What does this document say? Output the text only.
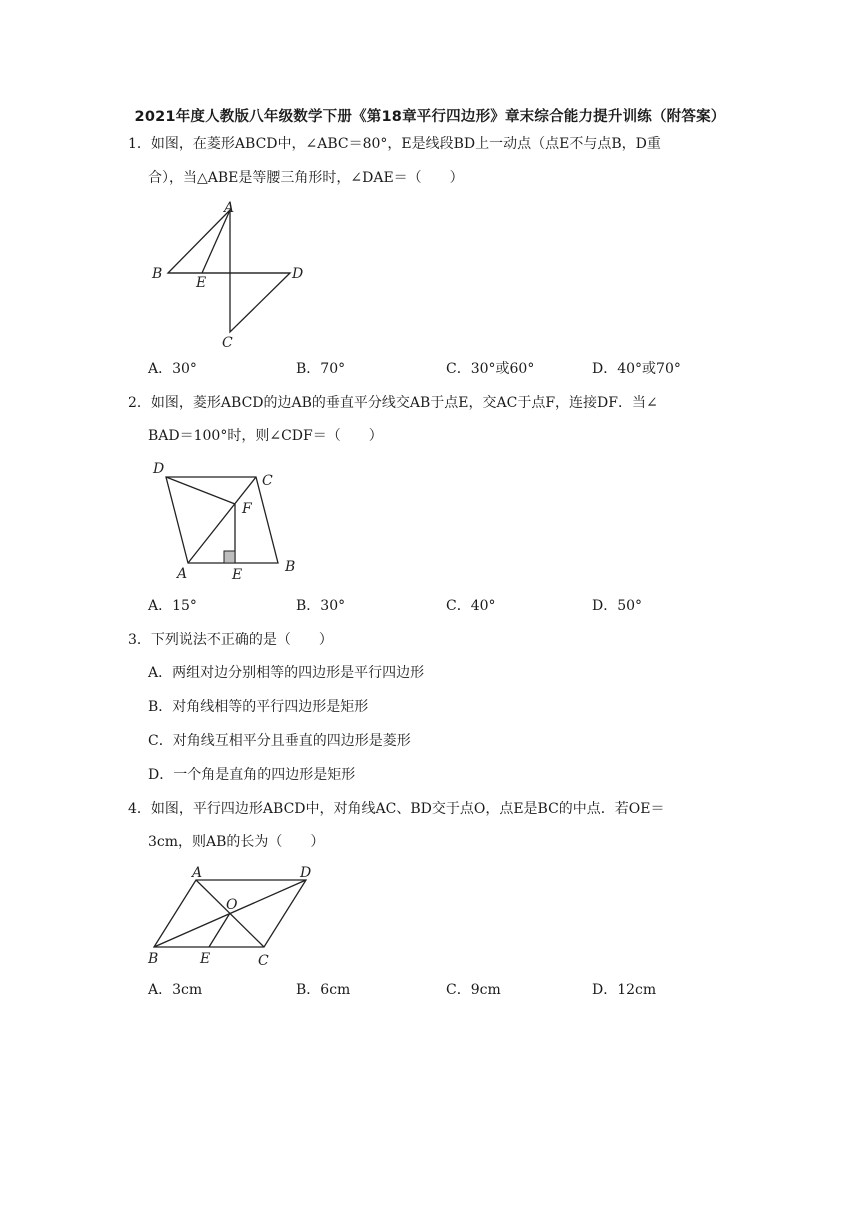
2021年度人教版八年级数学下册《第18章平行四边形》章末综合能力提升训练（附答案）
1．如图，在菱形ABCD中，∠ABC＝80°，E是线段BD上一动点（点E不与点B，D重
合），当△ABE是等腰三角形时，∠DAE＝（　　）
A
B	D
E
C
A．30°	B．70°	C．30°或60°	D．40°或70°
2．如图，菱形ABCD的边AB的垂直平分线交AB于点E，交AC于点F，连接DF．当∠
BAD＝100°时，则∠CDF＝（　　）
D
C
F
A	E	B
A．15°	B．30°	C．40°	D．50°
3．下列说法不正确的是（　　）
A．两组对边分别相等的四边形是平行四边形
B．对角线相等的平行四边形是矩形
C．对角线互相平分且垂直的四边形是菱形
D．一个角是直角的四边形是矩形
4．如图，平行四边形ABCD中，对角线AC、BD交于点O，点E是BC的中点．若OE＝
3cm，则AB的长为（　　）
A	D
O
B	E	C
A．3cm	B．6cm	C．9cm	D．12cm
